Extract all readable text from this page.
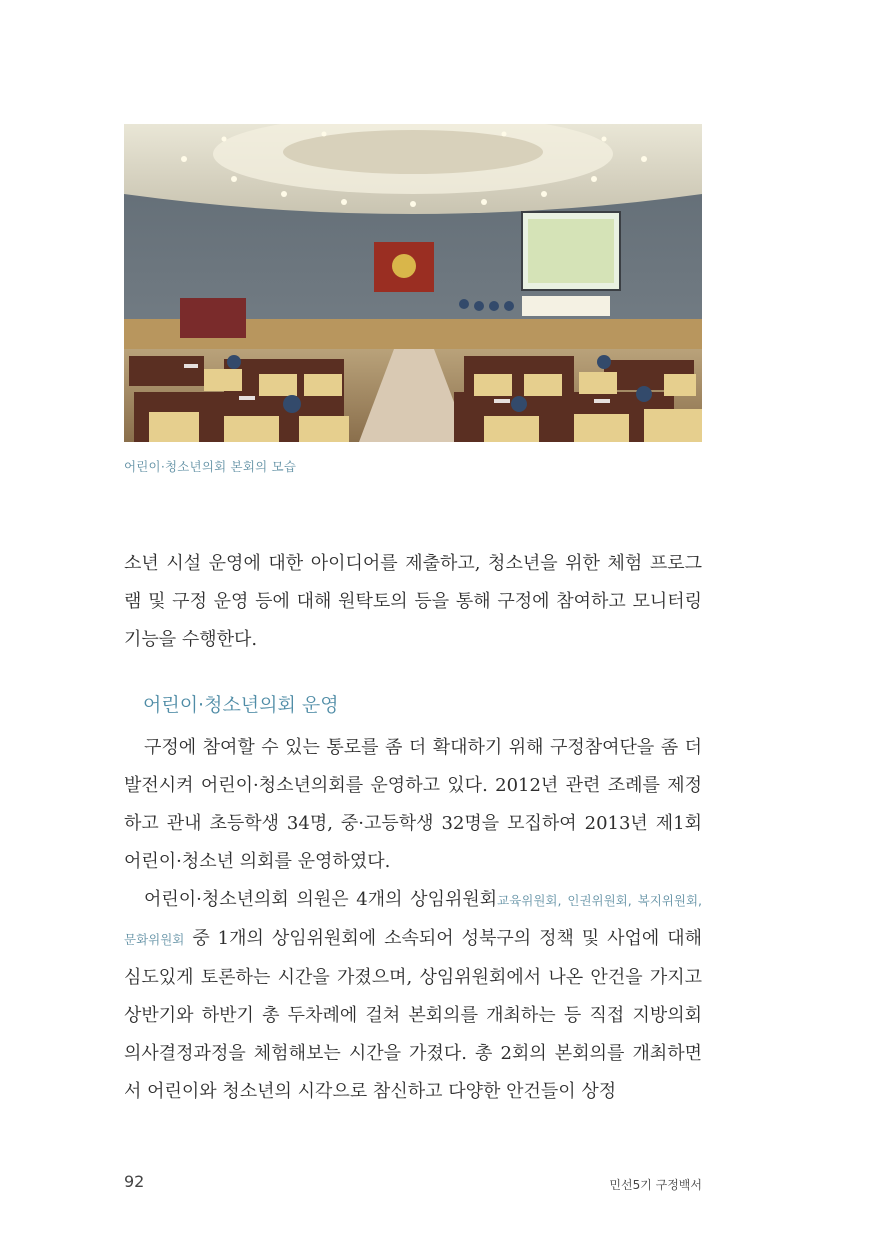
어린이·청소년의회 본회의 모습

소년 시설 운영에 대한 아이디어를 제출하고, 청소년을 위한 체험 프로그램 및 구정 운영 등에 대해 원탁토의 등을 통해 구정에 참여하고 모니터링 기능을 수행한다.

어린이·청소년의회 운영

구정에 참여할 수 있는 통로를 좀 더 확대하기 위해 구정참여단을 좀 더 발전시켜 어린이·청소년의회를 운영하고 있다. 2012년 관련 조례를 제정하고 관내 초등학생 34명, 중·고등학생 32명을 모집하여 2013년 제1회 어린이·청소년 의회를 운영하였다.

어린이·청소년의회 의원은 4개의 상임위원회교육위원회, 인권위원회, 복지위원회, 문화위원회 중 1개의 상임위원회에 소속되어 성북구의 정책 및 사업에 대해 심도있게 토론하는 시간을 가졌으며, 상임위원회에서 나온 안건을 가지고 상반기와 하반기 총 두차례에 걸쳐 본회의를 개최하는 등 직접 지방의회 의사결정과정을 체험해보는 시간을 가졌다. 총 2회의 본회의를 개최하면서 어린이와 청소년의 시각으로 참신하고 다양한 안건들이 상정

92	민선5기 구정백서
